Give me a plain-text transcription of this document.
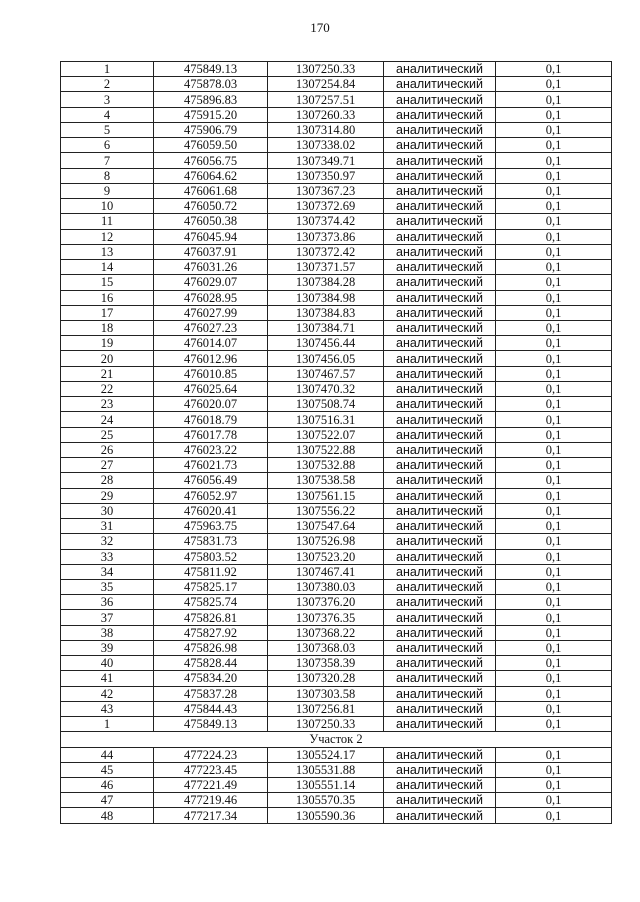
170
1	475849.13	1307250.33	аналитический	0,1
2	475878.03	1307254.84	аналитический	0,1
3	475896.83	1307257.51	аналитический	0,1
4	475915.20	1307260.33	аналитический	0,1
5	475906.79	1307314.80	аналитический	0,1
6	476059.50	1307338.02	аналитический	0,1
7	476056.75	1307349.71	аналитический	0,1
8	476064.62	1307350.97	аналитический	0,1
9	476061.68	1307367.23	аналитический	0,1
10	476050.72	1307372.69	аналитический	0,1
11	476050.38	1307374.42	аналитический	0,1
12	476045.94	1307373.86	аналитический	0,1
13	476037.91	1307372.42	аналитический	0,1
14	476031.26	1307371.57	аналитический	0,1
15	476029.07	1307384.28	аналитический	0,1
16	476028.95	1307384.98	аналитический	0,1
17	476027.99	1307384.83	аналитический	0,1
18	476027.23	1307384.71	аналитический	0,1
19	476014.07	1307456.44	аналитический	0,1
20	476012.96	1307456.05	аналитический	0,1
21	476010.85	1307467.57	аналитический	0,1
22	476025.64	1307470.32	аналитический	0,1
23	476020.07	1307508.74	аналитический	0,1
24	476018.79	1307516.31	аналитический	0,1
25	476017.78	1307522.07	аналитический	0,1
26	476023.22	1307522.88	аналитический	0,1
27	476021.73	1307532.88	аналитический	0,1
28	476056.49	1307538.58	аналитический	0,1
29	476052.97	1307561.15	аналитический	0,1
30	476020.41	1307556.22	аналитический	0,1
31	475963.75	1307547.64	аналитический	0,1
32	475831.73	1307526.98	аналитический	0,1
33	475803.52	1307523.20	аналитический	0,1
34	475811.92	1307467.41	аналитический	0,1
35	475825.17	1307380.03	аналитический	0,1
36	475825.74	1307376.20	аналитический	0,1
37	475826.81	1307376.35	аналитический	0,1
38	475827.92	1307368.22	аналитический	0,1
39	475826.98	1307368.03	аналитический	0,1
40	475828.44	1307358.39	аналитический	0,1
41	475834.20	1307320.28	аналитический	0,1
42	475837.28	1307303.58	аналитический	0,1
43	475844.43	1307256.81	аналитический	0,1
1	475849.13	1307250.33	аналитический	0,1
Участок 2				
44	477224.23	1305524.17	аналитический	0,1
45	477223.45	1305531.88	аналитический	0,1
46	477221.49	1305551.14	аналитический	0,1
47	477219.46	1305570.35	аналитический	0,1
48	477217.34	1305590.36	аналитический	0,1
